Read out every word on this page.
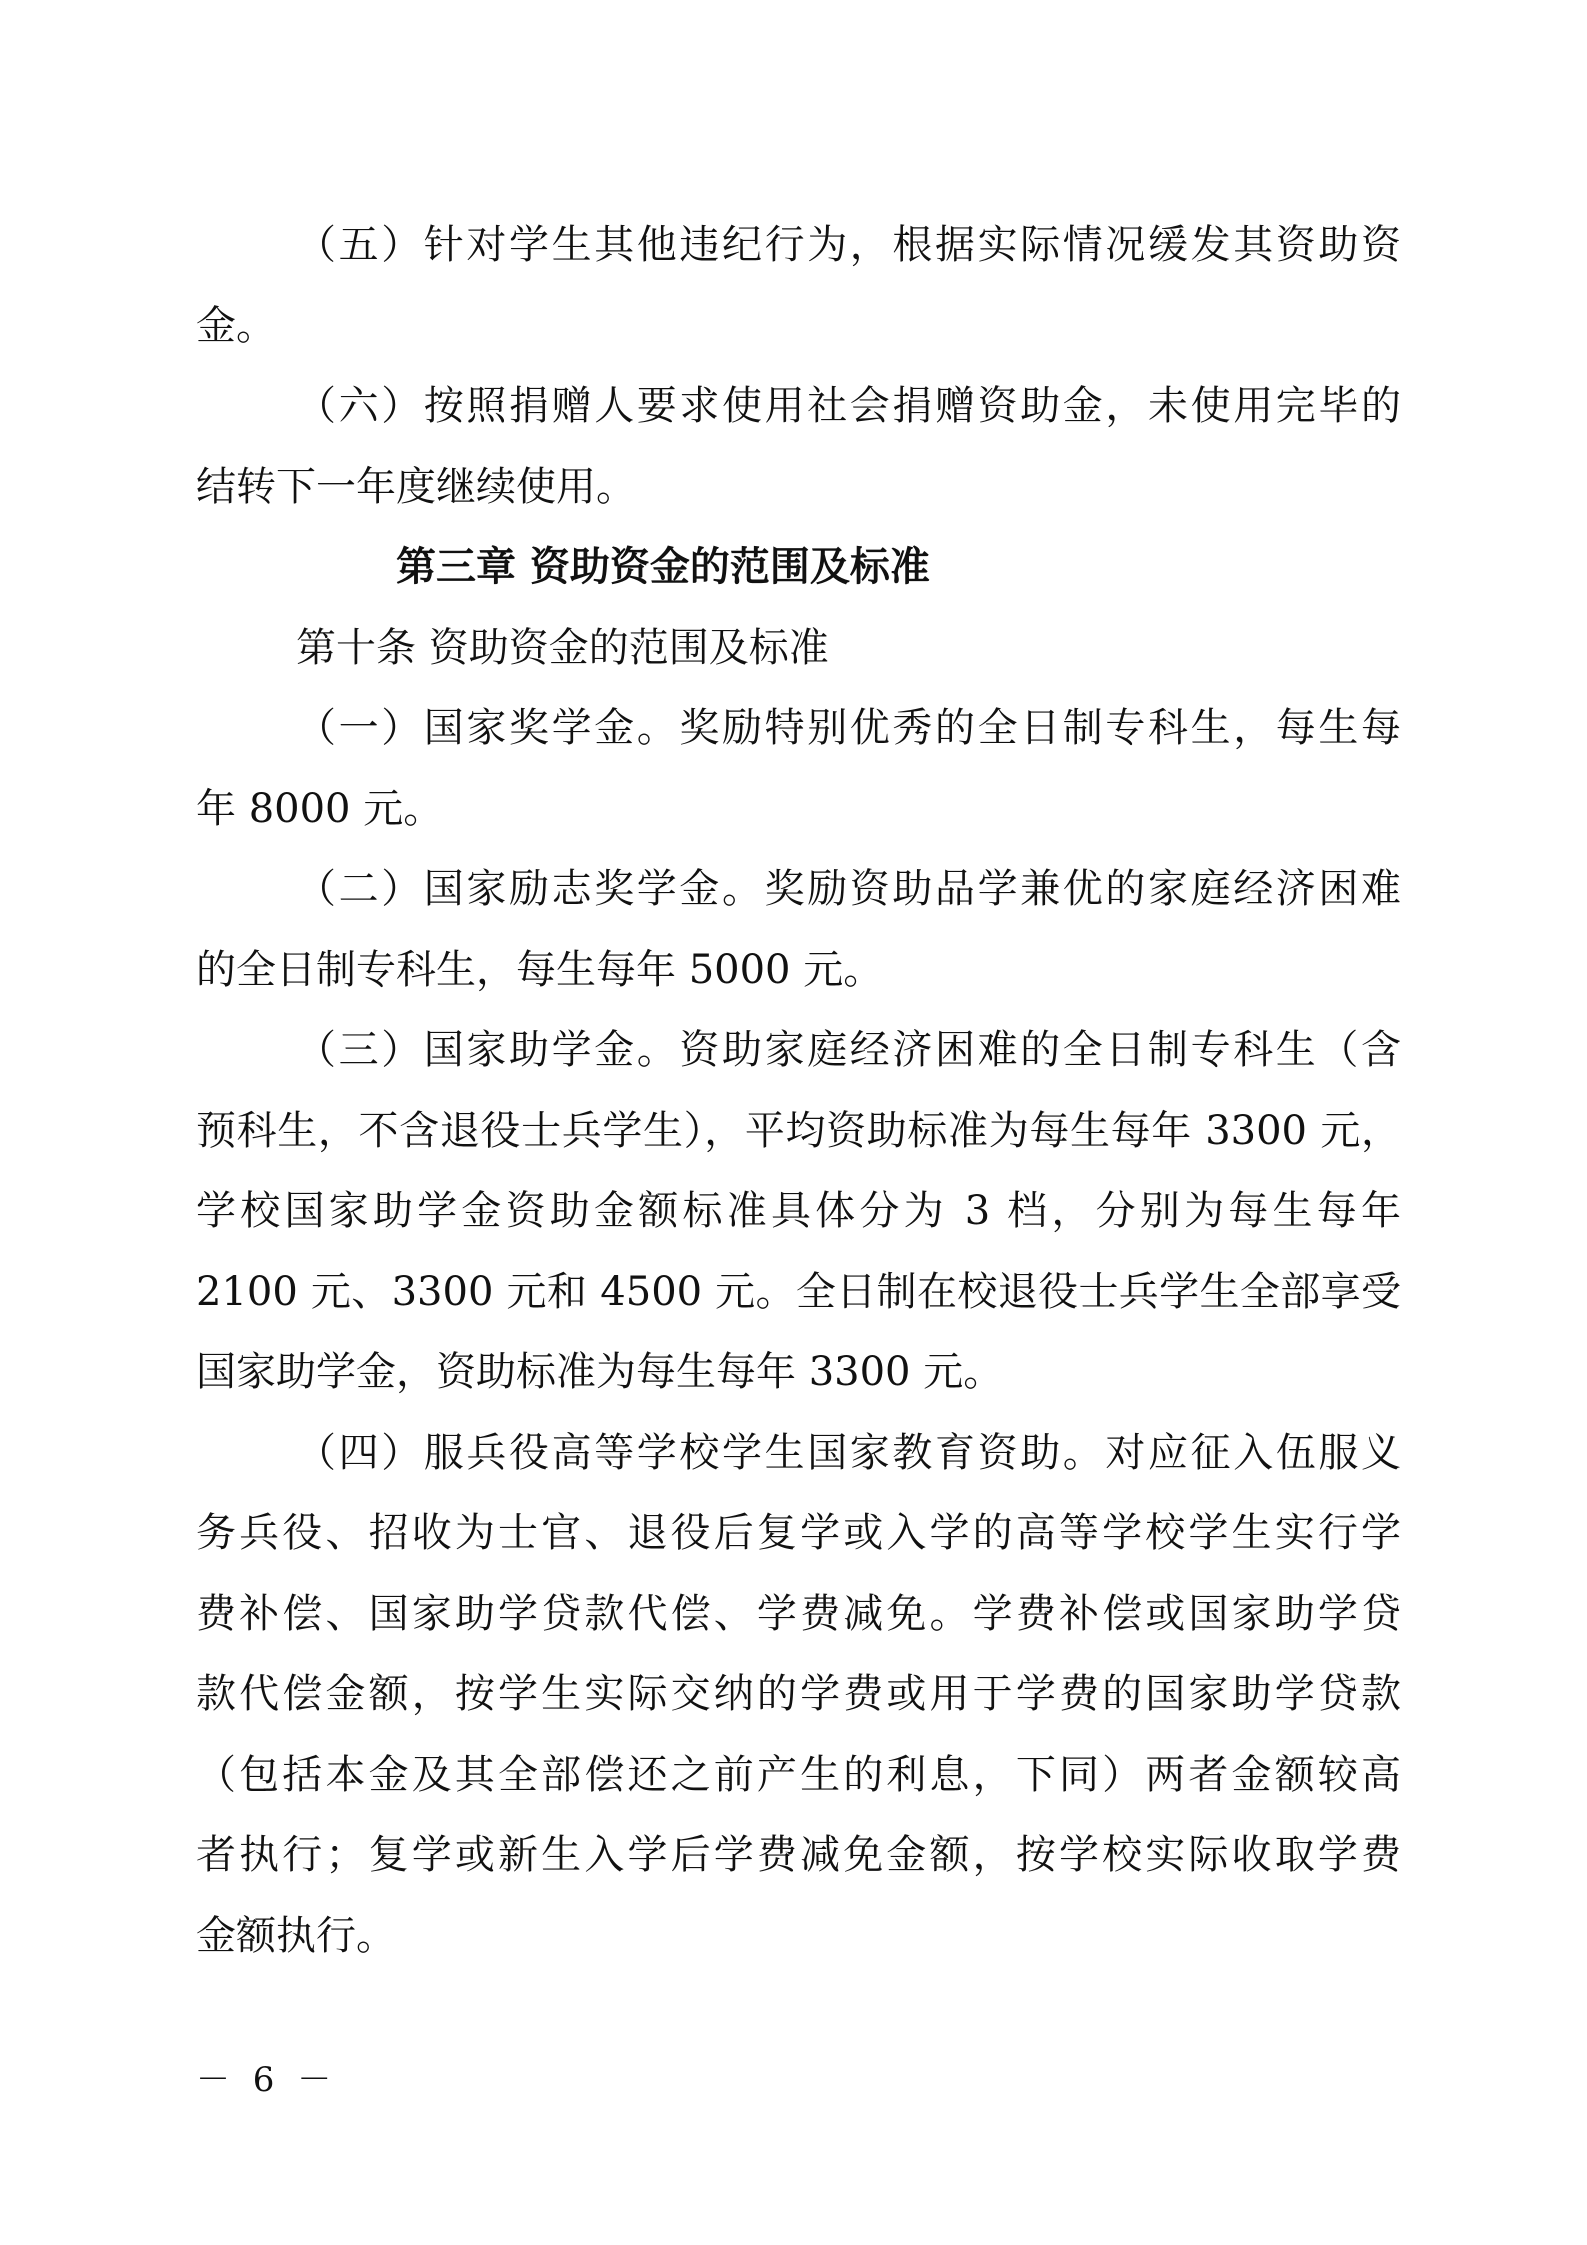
（五）针对学生其他违纪行为，根据实际情况缓发其资助资
金。
（六）按照捐赠人要求使用社会捐赠资助金，未使用完毕的
结转下一年度继续使用。
第三章 资助资金的范围及标准
第十条 资助资金的范围及标准
（一）国家奖学金。奖励特别优秀的全日制专科生，每生每
年 8000 元。
（二）国家励志奖学金。奖励资助品学兼优的家庭经济困难
的全日制专科生，每生每年 5000 元。
（三）国家助学金。资助家庭经济困难的全日制专科生（含
预科生，不含退役士兵学生），平均资助标准为每生每年 3300 元，
学校国家助学金资助金额标准具体分为 3 档，分别为每生每年
2100 元、3300 元和 4500 元。全日制在校退役士兵学生全部享受
国家助学金，资助标准为每生每年 3300 元。
（四）服兵役高等学校学生国家教育资助。对应征入伍服义
务兵役、招收为士官、退役后复学或入学的高等学校学生实行学
费补偿、国家助学贷款代偿、学费减免。学费补偿或国家助学贷
款代偿金额，按学生实际交纳的学费或用于学费的国家助学贷款
（包括本金及其全部偿还之前产生的利息，下同）两者金额较高
者执行；复学或新生入学后学费减免金额，按学校实际收取学费
金额执行。
－ 6 －
